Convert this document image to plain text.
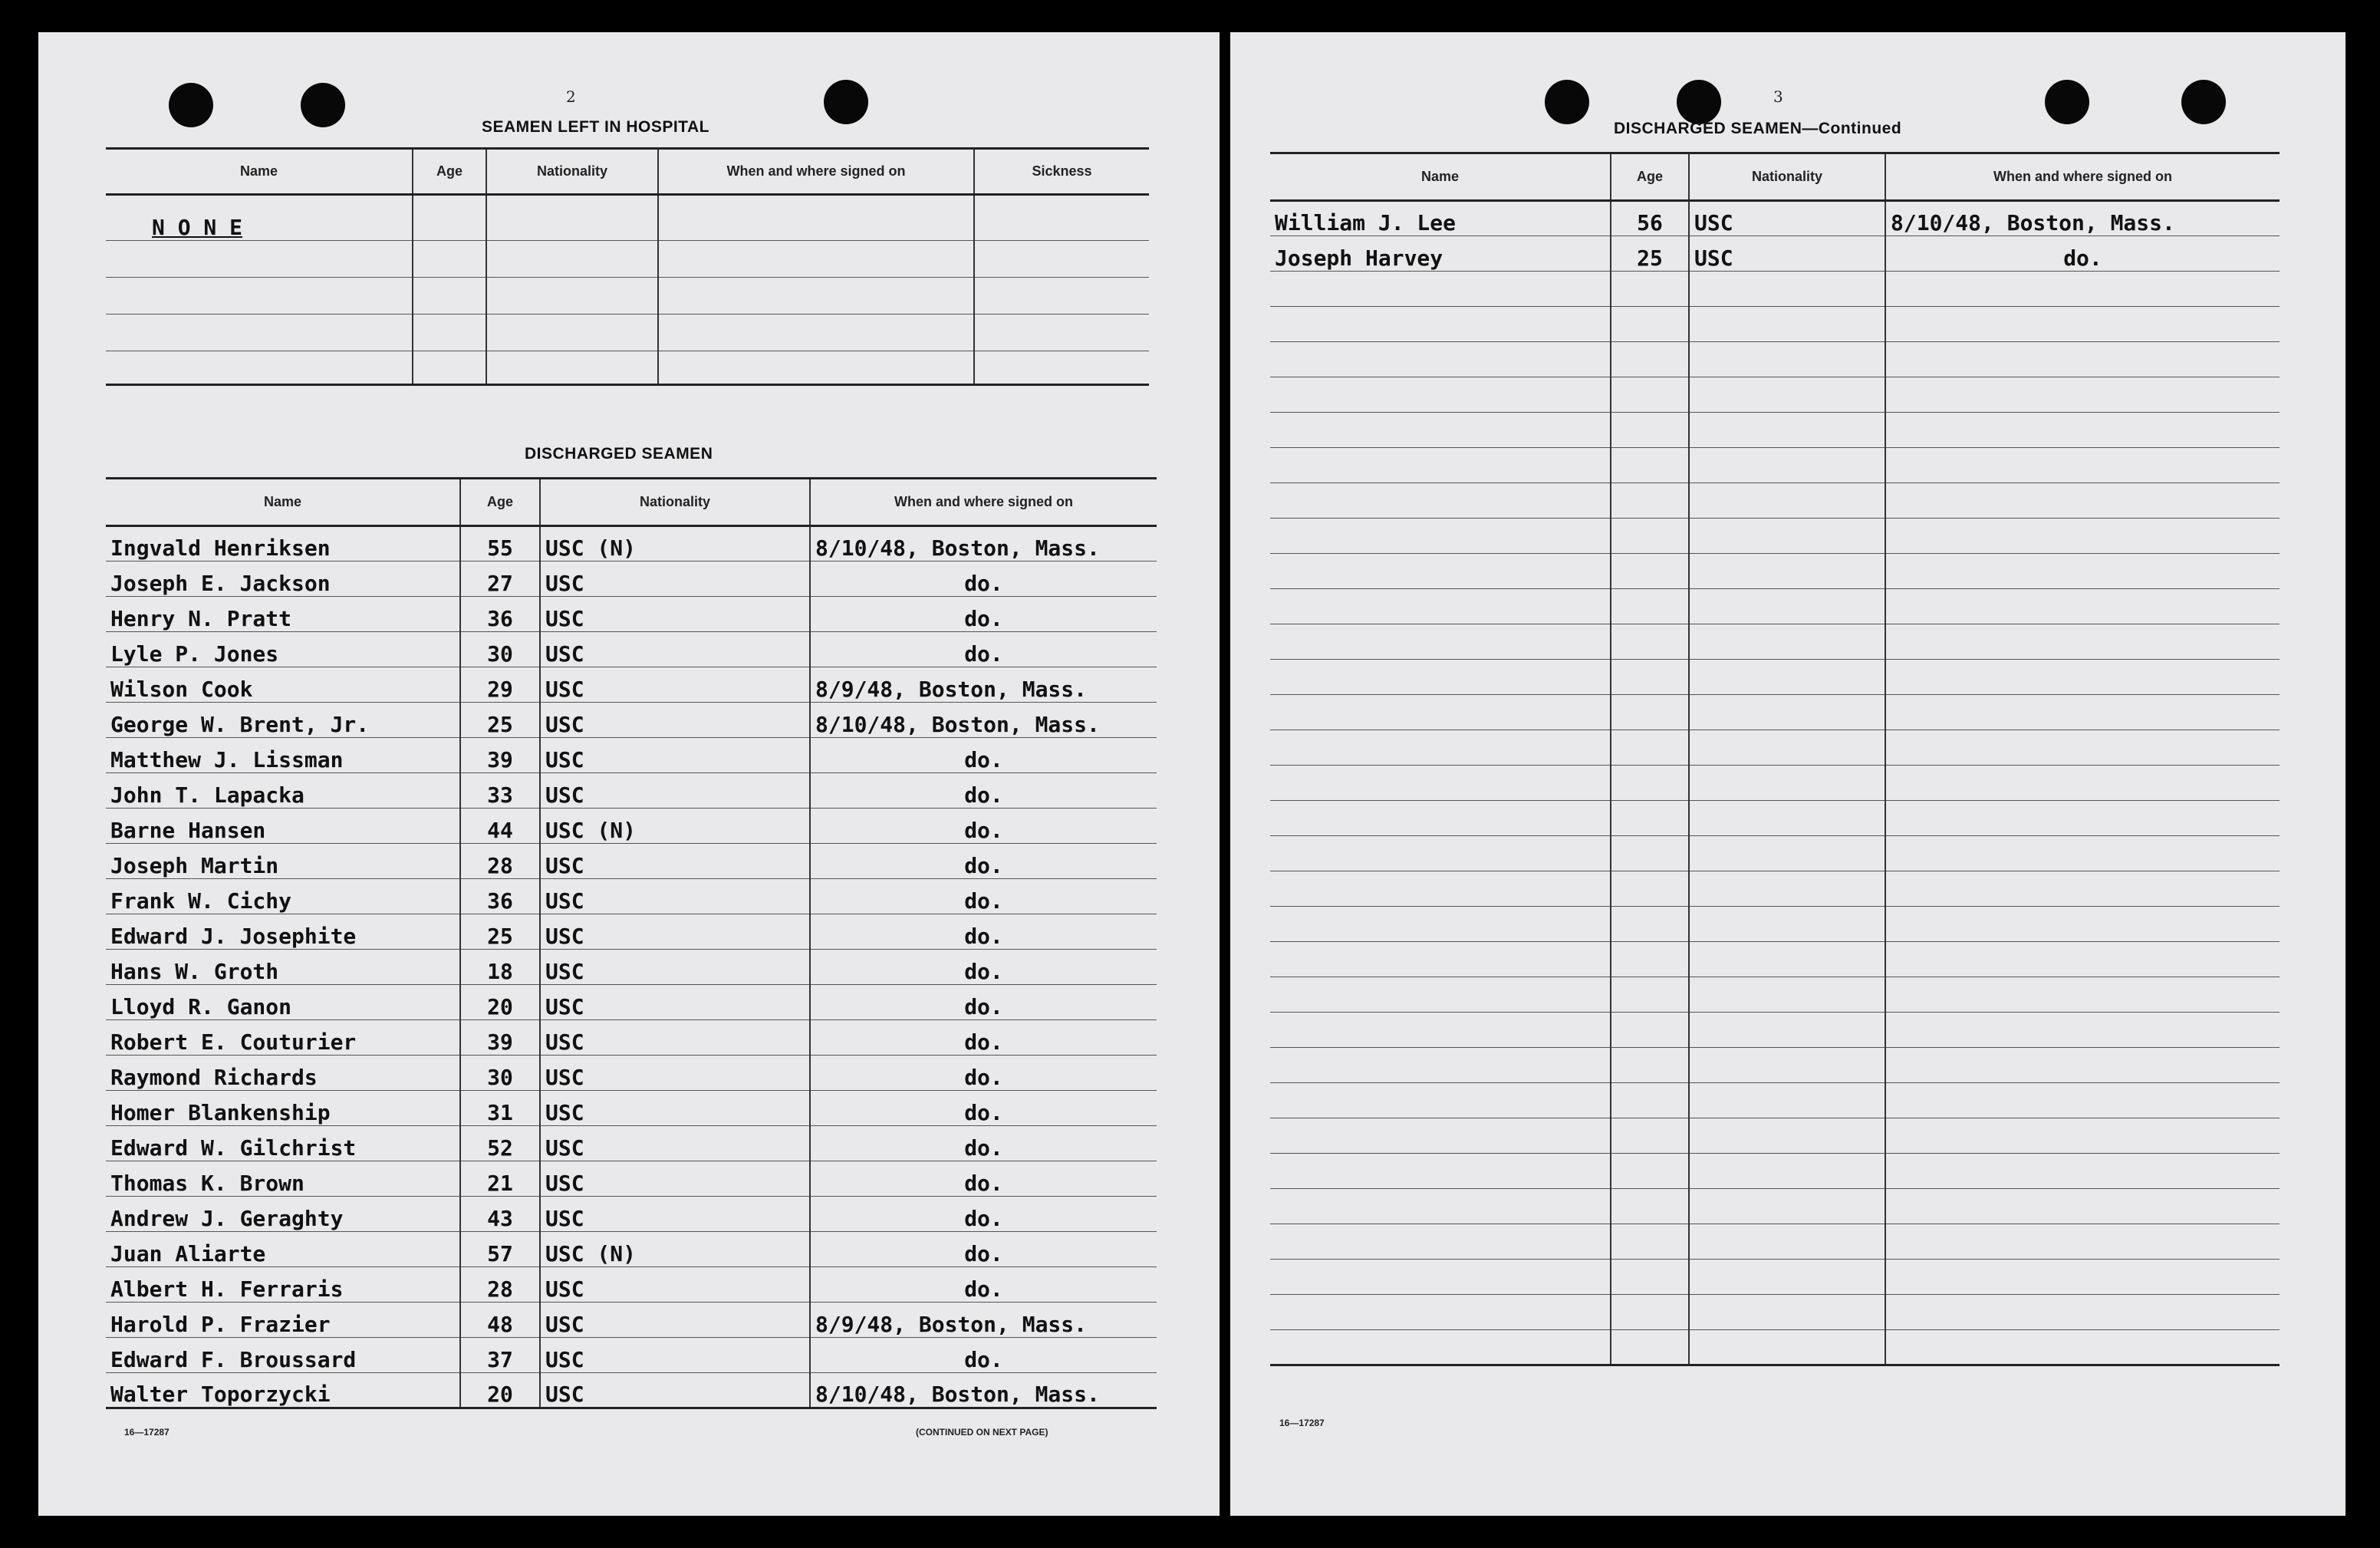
2
SEAMEN LEFT IN HOSPITAL
Name	Age	Nationality	When and where signed on	Sickness
N O N E				

DISCHARGED SEAMEN
Name	Age	Nationality	When and where signed on
Ingvald Henriksen	55	USC (N)	8/10/48, Boston, Mass.
Joseph E. Jackson	27	USC	do.
Henry N. Pratt	36	USC	do.
Lyle P. Jones	30	USC	do.
Wilson Cook	29	USC	8/9/48, Boston, Mass.
George W. Brent, Jr.	25	USC	8/10/48, Boston, Mass.
Matthew J. Lissman	39	USC	do.
John T. Lapacka	33	USC	do.
Barne Hansen	44	USC (N)	do.
Joseph Martin	28	USC	do.
Frank W. Cichy	36	USC	do.
Edward J. Josephite	25	USC	do.
Hans W. Groth	18	USC	do.
Lloyd R. Ganon	20	USC	do.
Robert E. Couturier	39	USC	do.
Raymond Richards	30	USC	do.
Homer Blankenship	31	USC	do.
Edward W. Gilchrist	52	USC	do.
Thomas K. Brown	21	USC	do.
Andrew J. Geraghty	43	USC	do.
Juan Aliarte	57	USC (N)	do.
Albert H. Ferraris	28	USC	do.
Harold P. Frazier	48	USC	8/9/48, Boston, Mass.
Edward F. Broussard	37	USC	do.
Walter Toporzycki	20	USC	8/10/48, Boston, Mass.
16—17287	(CONTINUED ON NEXT PAGE)
3
DISCHARGED SEAMEN—Continued
Name	Age	Nationality	When and where signed on
William J. Lee	56	USC	8/10/48, Boston, Mass.
Joseph Harvey	25	USC	do.

16—17287
